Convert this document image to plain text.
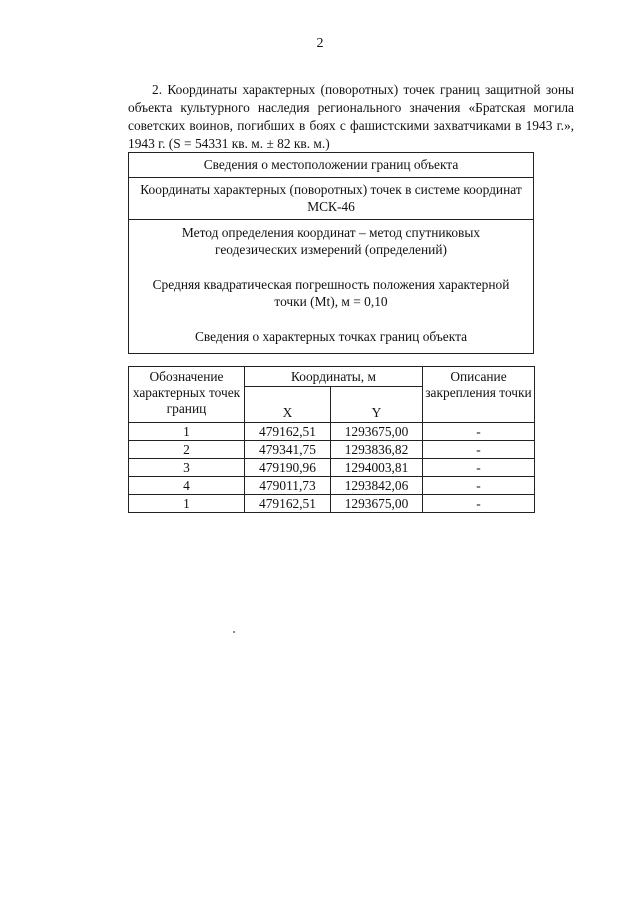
2

2. Координаты характерных (поворотных) точек границ защитной зоны объекта культурного наследия регионального значения «Братская могила советских воинов, погибших в боях с фашистскими захватчиками в 1943 г.», 1943 г. (S = 54331 кв. м. ± 82 кв. м.)

Сведения о местоположении границ объекта
Координаты характерных (поворотных) точек в системе координат МСК-46

Метод определения координат – метод спутниковых геодезических измерений (определений)

Средняя квадратическая погрешность положения характерной точки (Mt), м = 0,10

Сведения о характерных точках границ объекта

Обозначение характерных точек границ	Координаты, м		Описание закрепления точки
	X	Y	
1	479162,51	1293675,00	-
2	479341,75	1293836,82	-
3	479190,96	1294003,81	-
4	479011,73	1293842,06	-
1	479162,51	1293675,00	-
